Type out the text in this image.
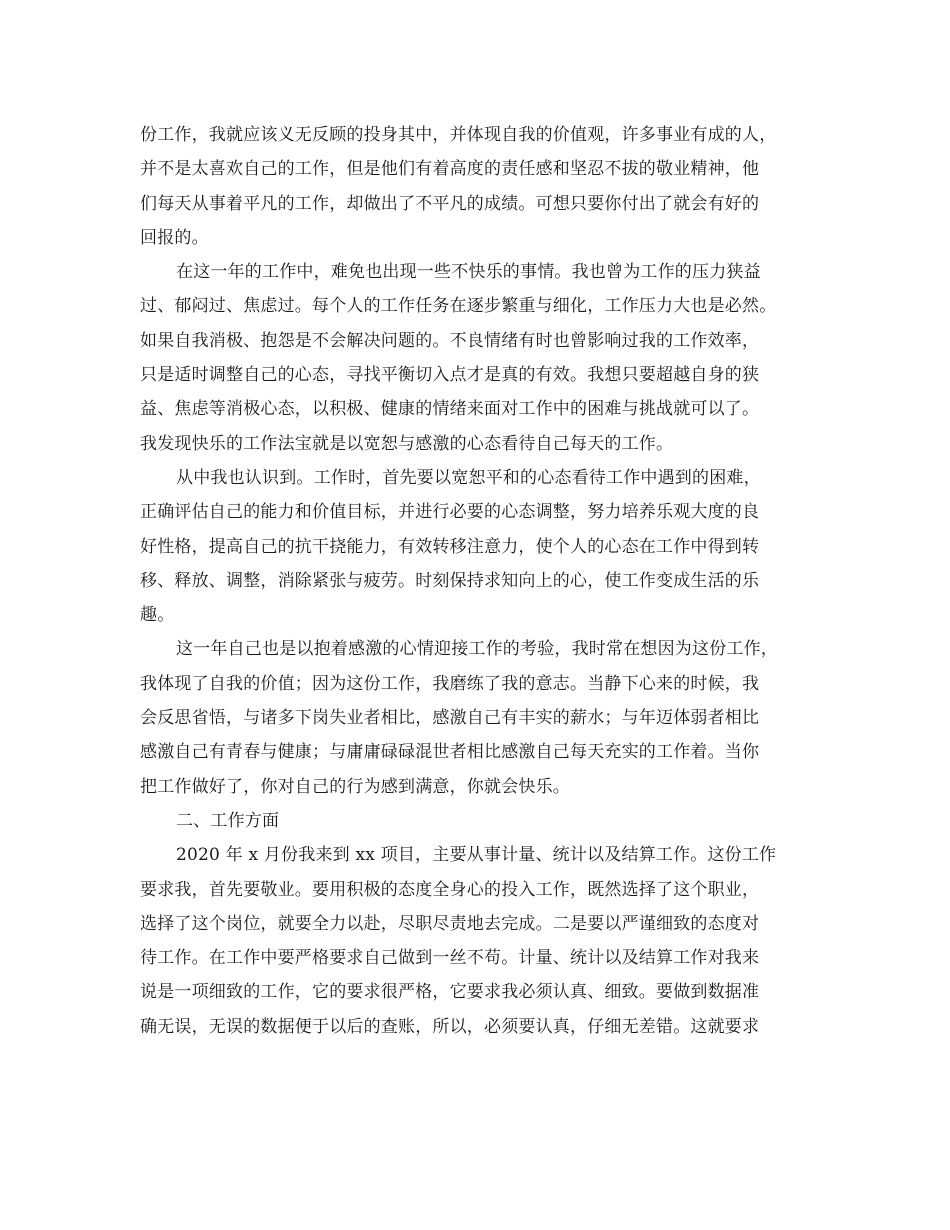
份工作，我就应该义无反顾的投身其中，并体现自我的价值观，许多事业有成的人，
并不是太喜欢自己的工作，但是他们有着高度的责任感和坚忍不拔的敬业精神，他
们每天从事着平凡的工作，却做出了不平凡的成绩。可想只要你付出了就会有好的
回报的。
在这一年的工作中，难免也出现一些不快乐的事情。我也曾为工作的压力狭益
过、郁闷过、焦虑过。每个人的工作任务在逐步繁重与细化，工作压力大也是必然。
如果自我消极、抱怨是不会解决问题的。不良情绪有时也曾影响过我的工作效率，
只是适时调整自己的心态，寻找平衡切入点才是真的有效。我想只要超越自身的狭
益、焦虑等消极心态，以积极、健康的情绪来面对工作中的困难与挑战就可以了。
我发现快乐的工作法宝就是以宽恕与感激的心态看待自己每天的工作。
从中我也认识到。工作时，首先要以宽恕平和的心态看待工作中遇到的困难，
正确评估自己的能力和价值目标，并进行必要的心态调整，努力培养乐观大度的良
好性格，提高自己的抗干挠能力，有效转移注意力，使个人的心态在工作中得到转
移、释放、调整，消除紧张与疲劳。时刻保持求知向上的心，使工作变成生活的乐
趣。
这一年自己也是以抱着感激的心情迎接工作的考验，我时常在想因为这份工作，
我体现了自我的价值；因为这份工作，我磨练了我的意志。当静下心来的时候，我
会反思省悟，与诸多下岗失业者相比，感激自己有丰实的薪水；与年迈体弱者相比
感激自己有青春与健康；与庸庸碌碌混世者相比感激自己每天充实的工作着。当你
把工作做好了，你对自己的行为感到满意，你就会快乐。
二、工作方面
2020 年 x 月份我来到 xx 项目，主要从事计量、统计以及结算工作。这份工作
要求我，首先要敬业。要用积极的态度全身心的投入工作，既然选择了这个职业，
选择了这个岗位，就要全力以赴，尽职尽责地去完成。二是要以严谨细致的态度对
待工作。在工作中要严格要求自己做到一丝不苟。计量、统计以及结算工作对我来
说是一项细致的工作，它的要求很严格，它要求我必须认真、细致。要做到数据准
确无误，无误的数据便于以后的查账，所以，必须要认真，仔细无差错。这就要求
